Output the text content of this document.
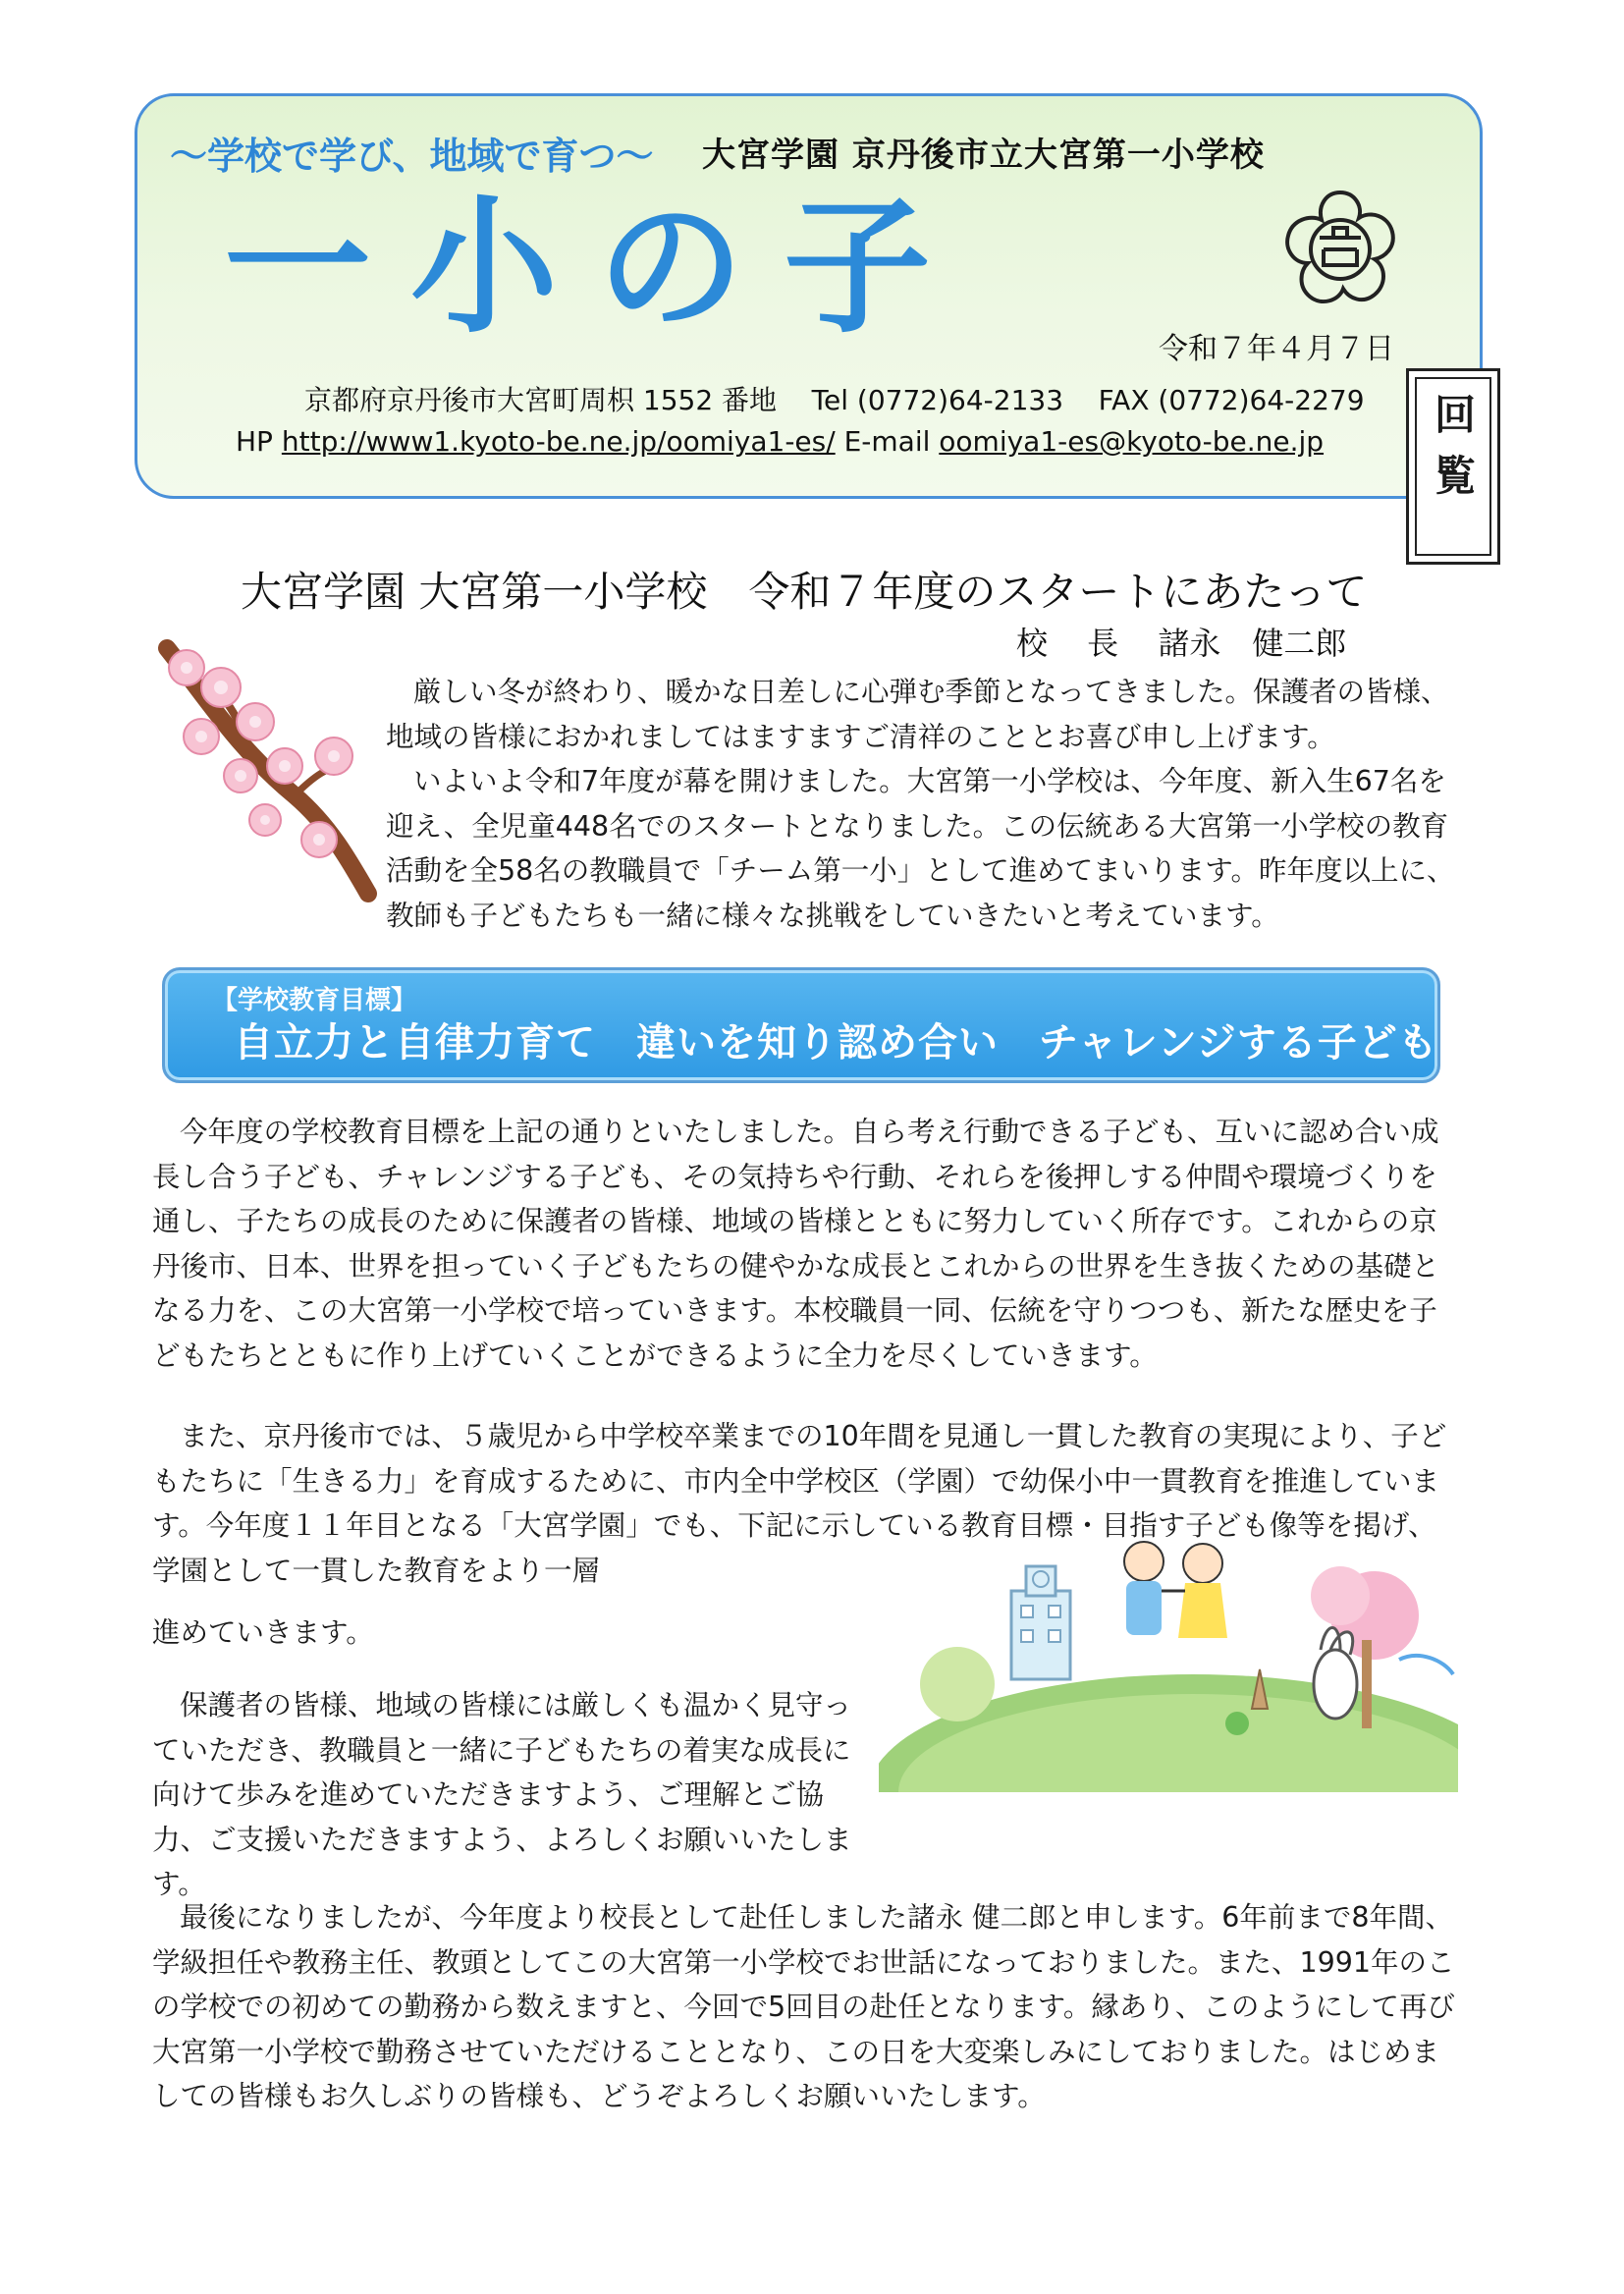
〜学校で学び、地域で育つ〜 大宮学園 京丹後市立大宮第一小学校
一小の子	令和７年４月７日
京都府京丹後市大宮町周枳 1552 番地 Tel (0772)64-2133 FAX (0772)64-2279
HP http://www1.kyoto-be.ne.jp/oomiya1-es/ E-mail oomiya1-es@kyoto-be.ne.jp	回覧
大宮学園 大宮第一小学校　令和７年度のスタートにあたって
校 長 諸永　健二郎
厳しい冬が終わり、暖かな日差しに心弾む季節となってきました。保護者の皆様、地域の皆様におかれましてはますますご清祥のこととお喜び申し上げます。
いよいよ令和7年度が幕を開けました。大宮第一小学校は、今年度、新入生67名を迎え、全児童448名でのスタートとなりました。この伝統ある大宮第一小学校の教育活動を全58名の教職員で「チーム第一小」として進めてまいります。昨年度以上に、教師も子どもたちも一緒に様々な挑戦をしていきたいと考えています。
【学校教育目標】
自立力と自律力育て　違いを知り認め合い　チャレンジする子どもの育成
今年度の学校教育目標を上記の通りといたしました。自ら考え行動できる子ども、互いに認め合い成長し合う子ども、チャレンジする子ども、その気持ちや行動、それらを後押しする仲間や環境づくりを通し、子たちの成長のために保護者の皆様、地域の皆様とともに努力していく所存です。これからの京丹後市、日本、世界を担っていく子どもたちの健やかな成長とこれからの世界を生き抜くための基礎となる力を、この大宮第一小学校で培っていきます。本校職員一同、伝統を守りつつも、新たな歴史を子どもたちとともに作り上げていくことができるように全力を尽くしていきます。
また、京丹後市では、５歳児から中学校卒業までの10年間を見通し一貫した教育の実現により、子どもたちに「生きる力」を育成するために、市内全中学校区（学園）で幼保小中一貫教育を推進しています。今年度１１年目となる「大宮学園」でも、下記に示している教育目標・目指す子ども像等を掲げ、学園として一貫した教育をより一層
進めていきます。
保護者の皆様、地域の皆様には厳しくも温かく見守っていただき、教職員と一緒に子どもたちの着実な成長に向けて歩みを進めていただきますよう、ご理解とご協力、ご支援いただきますよう、よろしくお願いいたします。
最後になりましたが、今年度より校長として赴任しました諸永 健二郎と申します。6年前まで8年間、学級担任や教務主任、教頭としてこの大宮第一小学校でお世話になっておりました。また、1991年のこの学校での初めての勤務から数えますと、今回で5回目の赴任となります。縁あり、このようにして再び大宮第一小学校で勤務させていただけることとなり、この日を大変楽しみにしておりました。はじめましての皆様もお久しぶりの皆様も、どうぞよろしくお願いいたします。
